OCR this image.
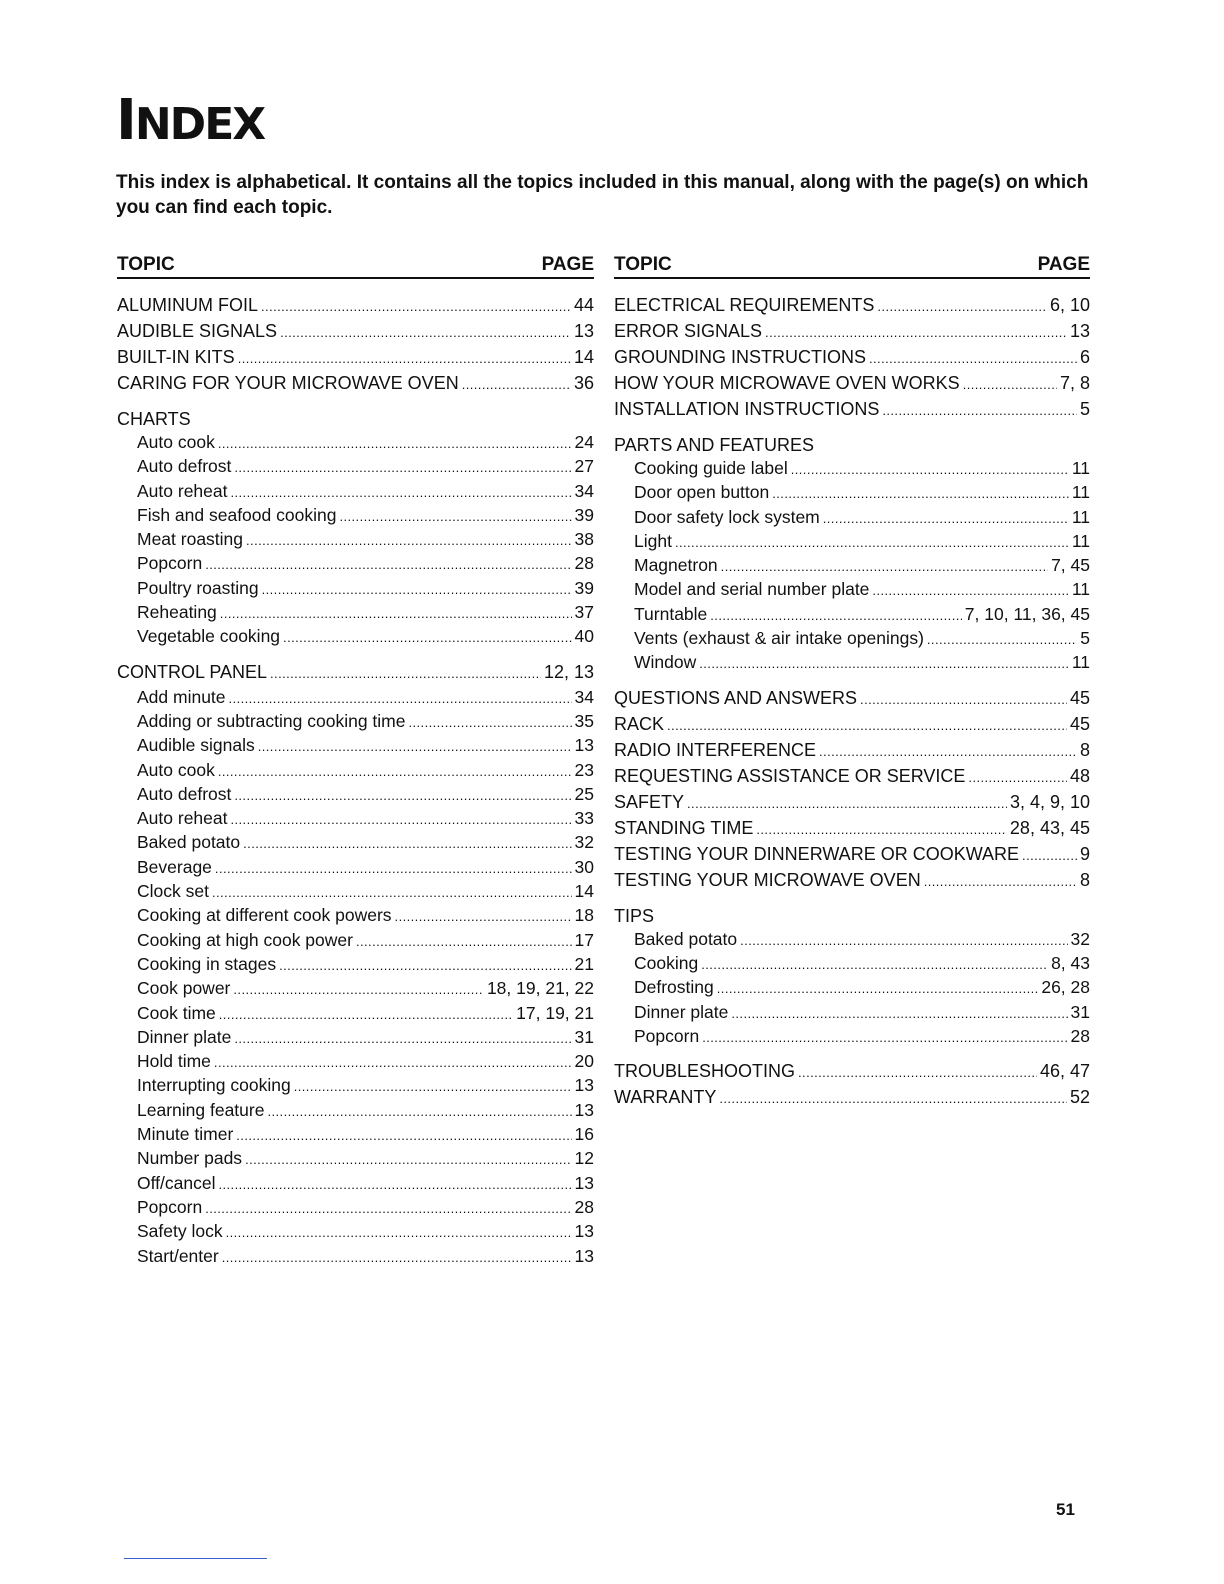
INDEX
This index is alphabetical. It contains all the topics included in this manual, along with the page(s) on which you can find each topic.
TOPIC	PAGE
ALUMINUM FOIL . . .	44
AUDIBLE SIGNALS . . .	13
BUILT-IN KITS . . .	14
CARING FOR YOUR MICROWAVE OVEN . . .	36
CHARTS
Auto cook . . .	24
Auto defrost . . .	27
Auto reheat . . .	34
Fish and seafood cooking . . .	39
Meat roasting . . .	38
Popcorn . . .	28
Poultry roasting . . .	39
Reheating . . .	37
Vegetable cooking . . .	40
CONTROL PANEL . . .	12, 13
Add minute . . .	34
Adding or subtracting cooking time . . .	35
Audible signals . . .	13
Auto cook . . .	23
Auto defrost . . .	25
Auto reheat . . .	33
Baked potato . . .	32
Beverage . . .	30
Clock set . . .	14
Cooking at different cook powers . . .	18
Cooking at high cook power . . .	17
Cooking in stages . . .	21
Cook power . . .	18, 19, 21, 22
Cook time . . .	17, 19, 21
Dinner plate . . .	31
Hold time . . .	20
Interrupting cooking . . .	13
Learning feature . . .	13
Minute timer . . .	16
Number pads . . .	12
Off/cancel . . .	13
Popcorn . . .	28
Safety lock . . .	13
Start/enter . . .	13
TOPIC	PAGE
ELECTRICAL REQUIREMENTS . . .	6, 10
ERROR SIGNALS . . .	13
GROUNDING INSTRUCTIONS . . .	6
HOW YOUR MICROWAVE OVEN WORKS . . .	7, 8
INSTALLATION INSTRUCTIONS . . .	5
PARTS AND FEATURES
Cooking guide label . . .	11
Door open button . . .	11
Door safety lock system . . .	11
Light . . .	11
Magnetron . . .	7, 45
Model and serial number plate . . .	11
Turntable . . .	7, 10, 11, 36, 45
Vents (exhaust & air intake openings) . . .	5
Window . . .	11
QUESTIONS AND ANSWERS . . .	45
RACK . . .	45
RADIO INTERFERENCE . . .	8
REQUESTING ASSISTANCE OR SERVICE . . .	48
SAFETY . . .	3, 4, 9, 10
STANDING TIME . . .	28, 43, 45
TESTING YOUR DINNERWARE OR COOKWARE . . .	9
TESTING YOUR MICROWAVE OVEN . . .	8
TIPS
Baked potato . . .	32
Cooking . . .	8, 43
Defrosting . . .	26, 28
Dinner plate . . .	31
Popcorn . . .	28
TROUBLESHOOTING . . .	46, 47
WARRANTY . . .	52
51
